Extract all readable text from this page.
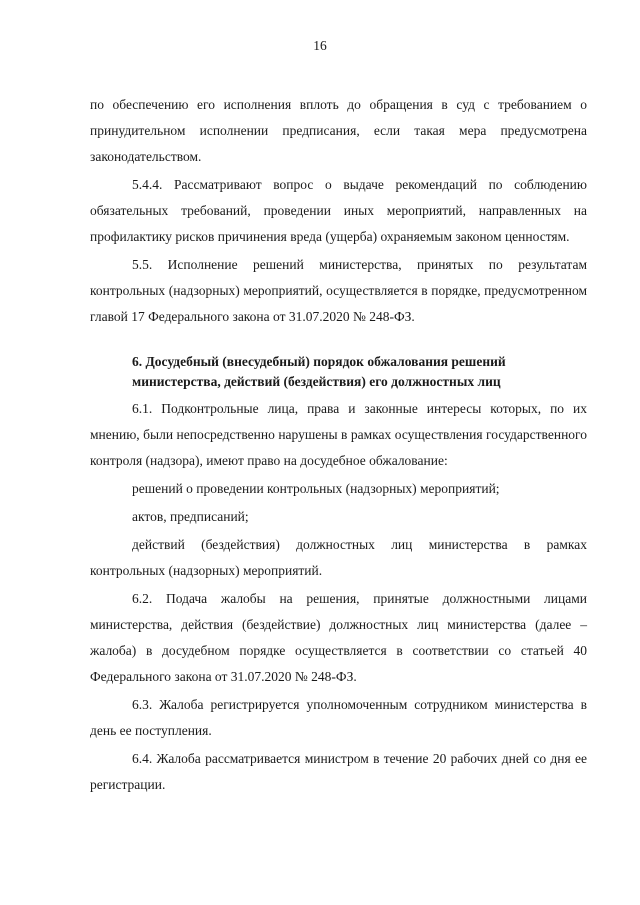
16

по обеспечению его исполнения вплоть до обращения в суд с требованием о принудительном исполнении предписания, если такая мера предусмотрена законодательством.

5.4.4. Рассматривают вопрос о выдаче рекомендаций по соблюдению обязательных требований, проведении иных мероприятий, направленных на профилактику рисков причинения вреда (ущерба) охраняемым законом ценностям.

5.5. Исполнение решений министерства, принятых по результатам контрольных (надзорных) мероприятий, осуществляется в порядке, предусмотренном главой 17 Федерального закона от 31.07.2020 № 248-ФЗ.

6. Досудебный (внесудебный) порядок обжалования решений
министерства, действий (бездействия) его должностных лиц

6.1. Подконтрольные лица, права и законные интересы которых, по их мнению, были непосредственно нарушены в рамках осуществления государственного контроля (надзора), имеют право на досудебное обжалование:

решений о проведении контрольных (надзорных) мероприятий;

актов, предписаний;

действий (бездействия) должностных лиц министерства в рамках контрольных (надзорных) мероприятий.

6.2. Подача жалобы на решения, принятые должностными лицами министерства, действия (бездействие) должностных лиц министерства (далее – жалоба) в досудебном порядке осуществляется в соответствии со статьей 40 Федерального закона от 31.07.2020 № 248-ФЗ.

6.3. Жалоба регистрируется уполномоченным сотрудником министерства в день ее поступления.

6.4. Жалоба рассматривается министром в течение 20 рабочих дней со дня ее регистрации.
